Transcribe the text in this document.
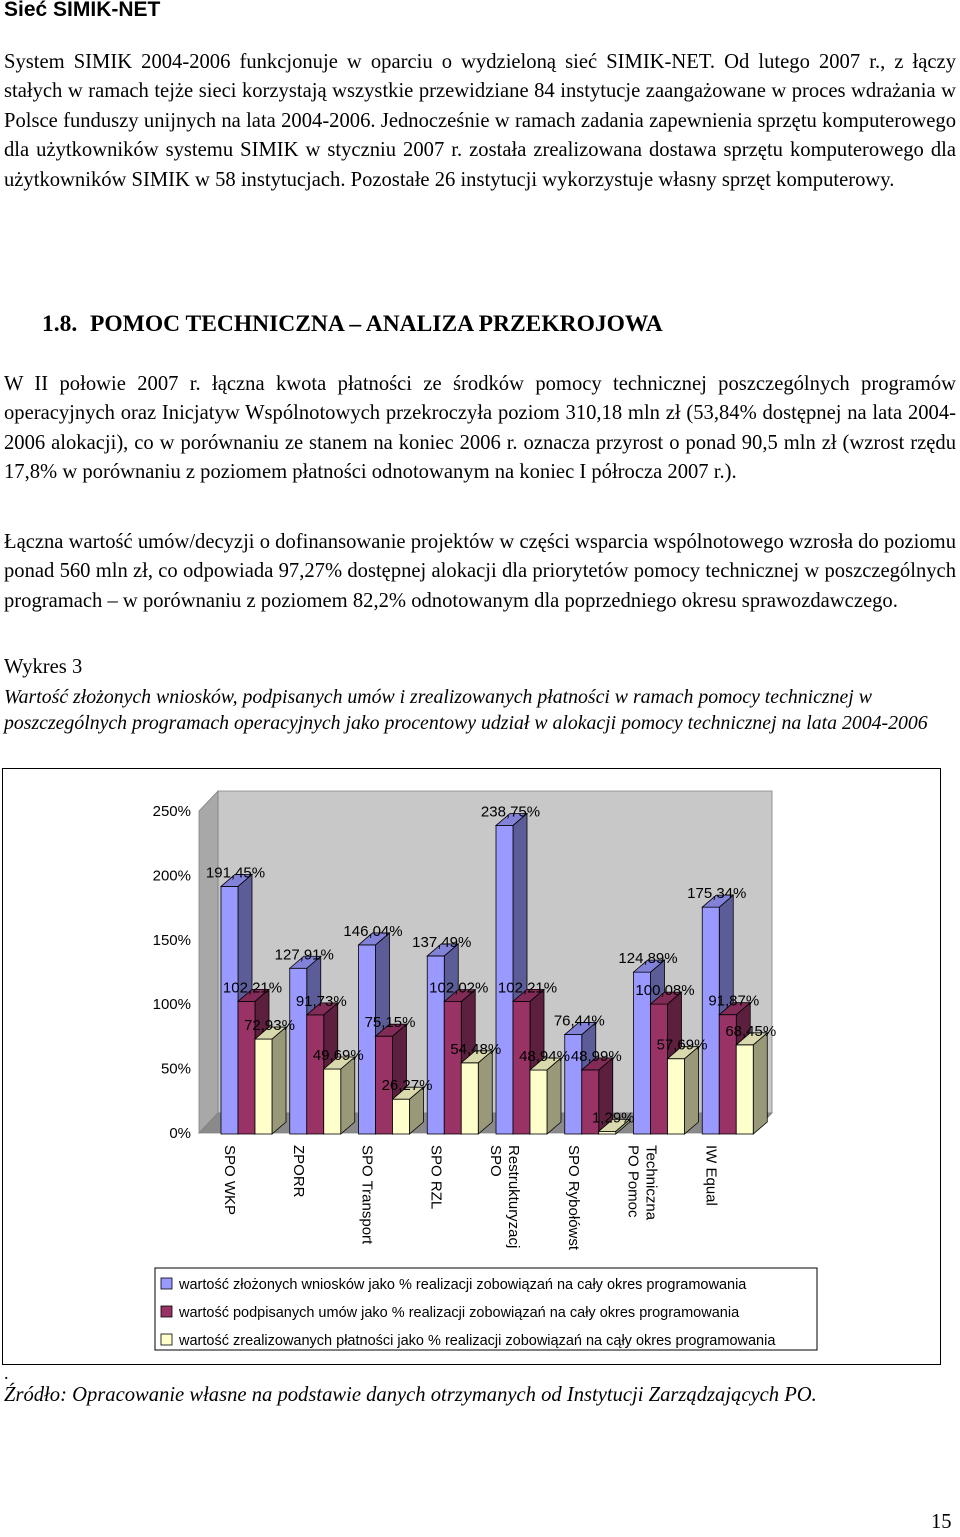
Sieć SIMIK-NET

System SIMIK 2004-2006 funkcjonuje w oparciu o wydzieloną sieć SIMIK-NET. Od lutego 2007 r., z łączy stałych w ramach tejże sieci korzystają wszystkie przewidziane 84 instytucje zaangażowane w proces wdrażania w Polsce funduszy unijnych na lata 2004-2006. Jednocześnie w ramach zadania zapewnienia sprzętu komputerowego dla użytkowników systemu SIMIK w styczniu 2007 r. została zrealizowana dostawa sprzętu komputerowego dla użytkowników SIMIK w 58 instytucjach. Pozostałe 26 instytucji wykorzystuje własny sprzęt komputerowy.

1.8. POMOC TECHNICZNA – ANALIZA PRZEKROJOWA

W II połowie 2007 r. łączna kwota płatności ze środków pomocy technicznej poszczególnych programów operacyjnych oraz Inicjatyw Wspólnotowych przekroczyła poziom 310,18 mln zł (53,84% dostępnej na lata 2004-2006 alokacji), co w porównaniu ze stanem na koniec 2006 r. oznacza przyrost o ponad 90,5 mln zł (wzrost rzędu 17,8% w porównaniu z poziomem płatności odnotowanym na koniec I półrocza 2007 r.).

Łączna wartość umów/decyzji o dofinansowanie projektów w części wsparcia wspólnotowego wzrosła do poziomu ponad 560 mln zł, co odpowiada 97,27% dostępnej alokacji dla priorytetów pomocy technicznej w poszczególnych programach – w porównaniu z poziomem 82,2% odnotowanym dla poprzedniego okresu sprawozdawczego.

Wykres 3

Wartość złożonych wniosków, podpisanych umów i zrealizowanych płatności w ramach pomocy technicznej w poszczególnych programach operacyjnych jako procentowy udział w alokacji pomocy technicznej na lata 2004-2006

0%
50%
100%
150%
200%
250%
191,45%
102,21%
72,93%
127,91%
91,73%
49,69%
146,04%
75,15%
26,27%
137,49%
102,02%
54,48%
238,75%
102,21%
48,94%
76,44%
48,99%
1,29%
124,89%
100,08%
57,69%
175,34%
91,87%
68,45%
SPO WKP	ZPORR	SPO Transport	SPO RZL	SPO Restrukturyzacj	SPO Rybołówst	PO Pomoc Techniczna	IW Equal
wartość złożonych wniosków jako % realizacji zobowiązań na cały okres programowania
wartość podpisanych umów jako % realizacji zobowiązań na cały okres programowania
wartość zrealizowanych płatności jako % realizacji zobowiązań na cąły okres programowania

.

Źródło: Opracowanie własne na podstawie danych otrzymanych od Instytucji Zarządzających PO.

15
